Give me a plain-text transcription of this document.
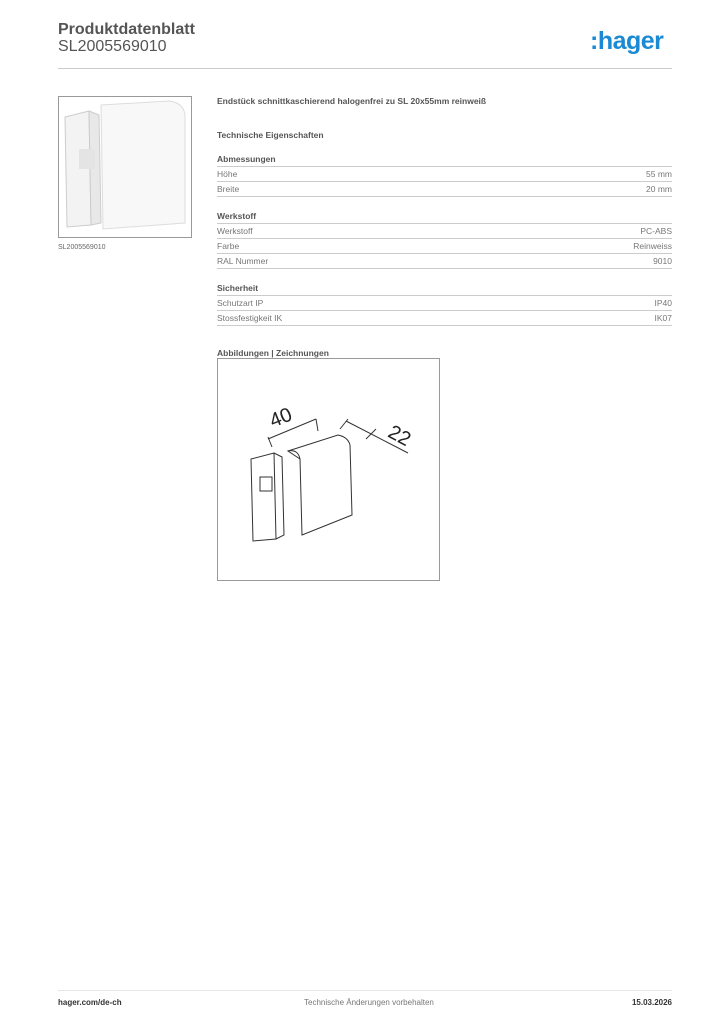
Produktdatenblatt
SL2005569010	:hager
SL2005569010
Endstück schnittkaschierend halogenfrei zu SL 20x55mm reinweiß
Technische Eigenschaften
Abmessungen
Höhe	55 mm
Breite	20 mm
Werkstoff
Werkstoff	PC-ABS
Farbe	Reinweiss
RAL Nummer	9010
Sicherheit
Schutzart IP	IP40
Stossfestigkeit IK	IK07
Abbildungen | Zeichnungen
40
22
hager.com/de-ch	Technische Änderungen vorbehalten	15.03.2026
